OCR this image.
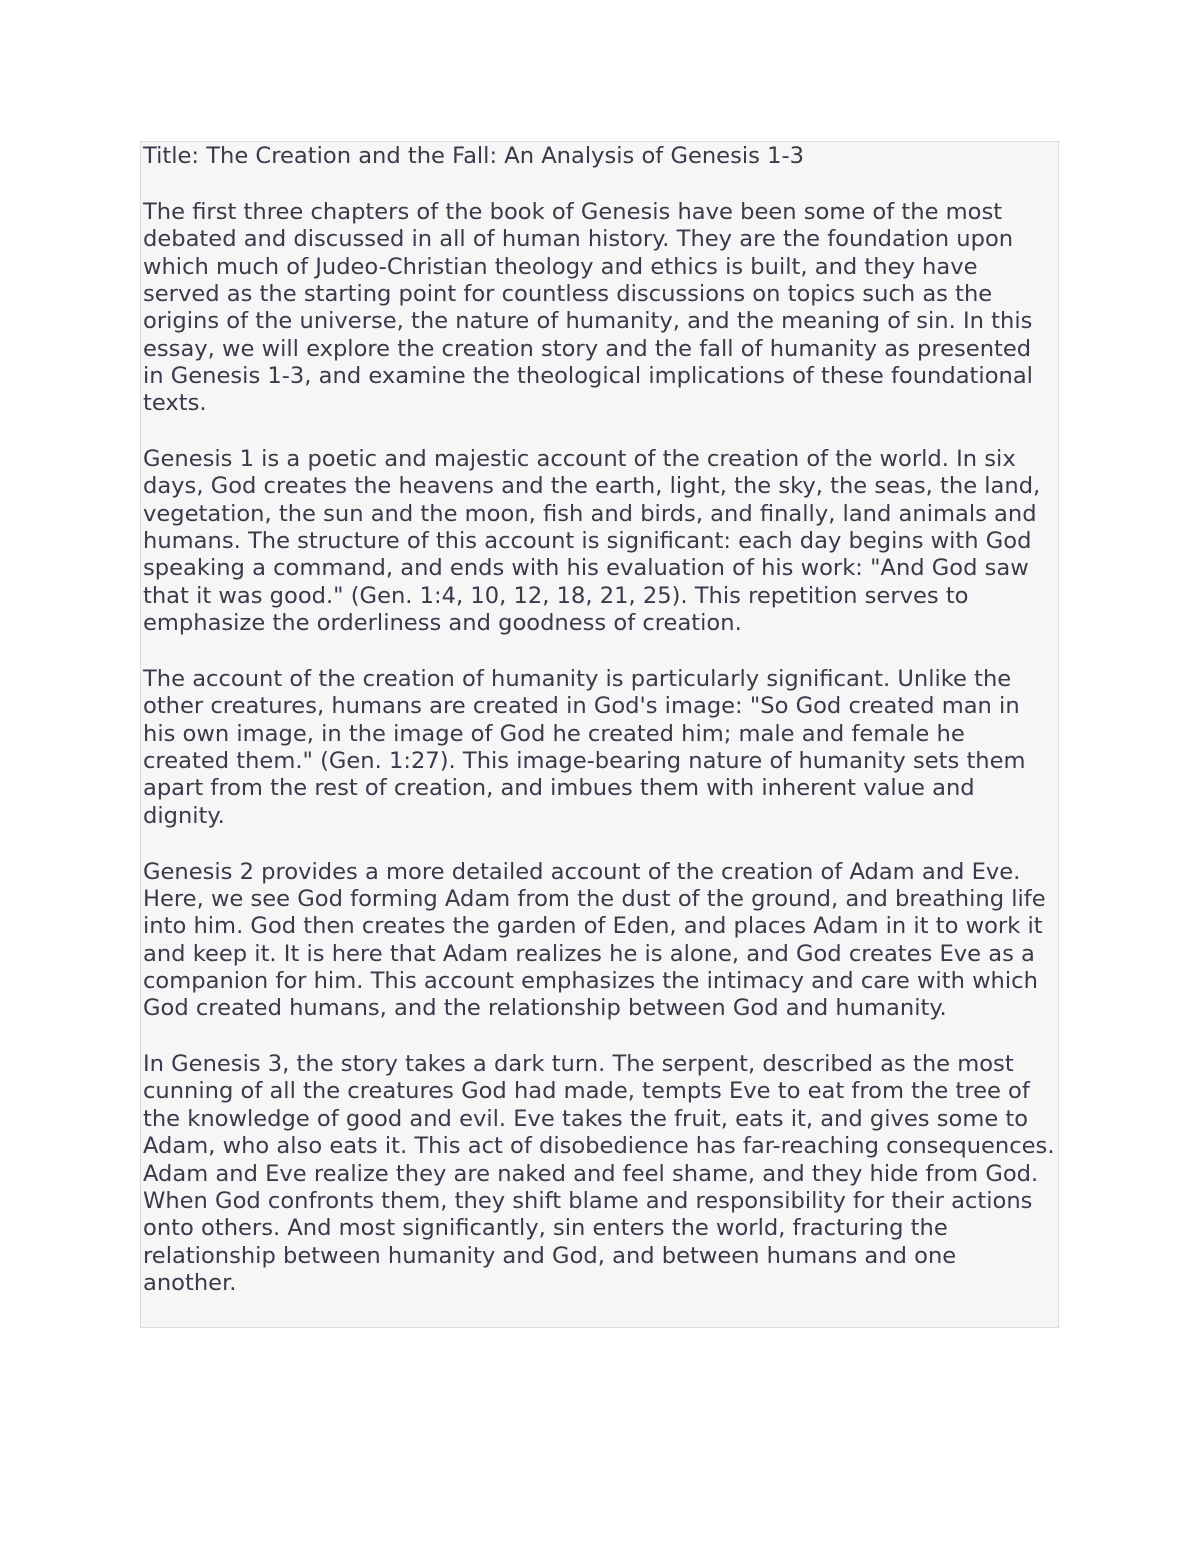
Title: The Creation and the Fall: An Analysis of Genesis 1-3

The first three chapters of the book of Genesis have been some of the most debated and discussed in all of human history. They are the foundation upon which much of Judeo-Christian theology and ethics is built, and they have served as the starting point for countless discussions on topics such as the origins of the universe, the nature of humanity, and the meaning of sin. In this essay, we will explore the creation story and the fall of humanity as presented in Genesis 1-3, and examine the theological implications of these foundational texts.

Genesis 1 is a poetic and majestic account of the creation of the world. In six days, God creates the heavens and the earth, light, the sky, the seas, the land, vegetation, the sun and the moon, fish and birds, and finally, land animals and humans. The structure of this account is significant: each day begins with God speaking a command, and ends with his evaluation of his work: "And God saw that it was good." (Gen. 1:4, 10, 12, 18, 21, 25). This repetition serves to emphasize the orderliness and goodness of creation.

The account of the creation of humanity is particularly significant. Unlike the other creatures, humans are created in God's image: "So God created man in his own image, in the image of God he created him; male and female he created them." (Gen. 1:27). This image-bearing nature of humanity sets them apart from the rest of creation, and imbues them with inherent value and dignity.

Genesis 2 provides a more detailed account of the creation of Adam and Eve. Here, we see God forming Adam from the dust of the ground, and breathing life into him. God then creates the garden of Eden, and places Adam in it to work it and keep it. It is here that Adam realizes he is alone, and God creates Eve as a companion for him. This account emphasizes the intimacy and care with which God created humans, and the relationship between God and humanity.

In Genesis 3, the story takes a dark turn. The serpent, described as the most cunning of all the creatures God had made, tempts Eve to eat from the tree of the knowledge of good and evil. Eve takes the fruit, eats it, and gives some to Adam, who also eats it. This act of disobedience has far-reaching consequences. Adam and Eve realize they are naked and feel shame, and they hide from God. When God confronts them, they shift blame and responsibility for their actions onto others. And most significantly, sin enters the world, fracturing the relationship between humanity and God, and between humans and one another.
